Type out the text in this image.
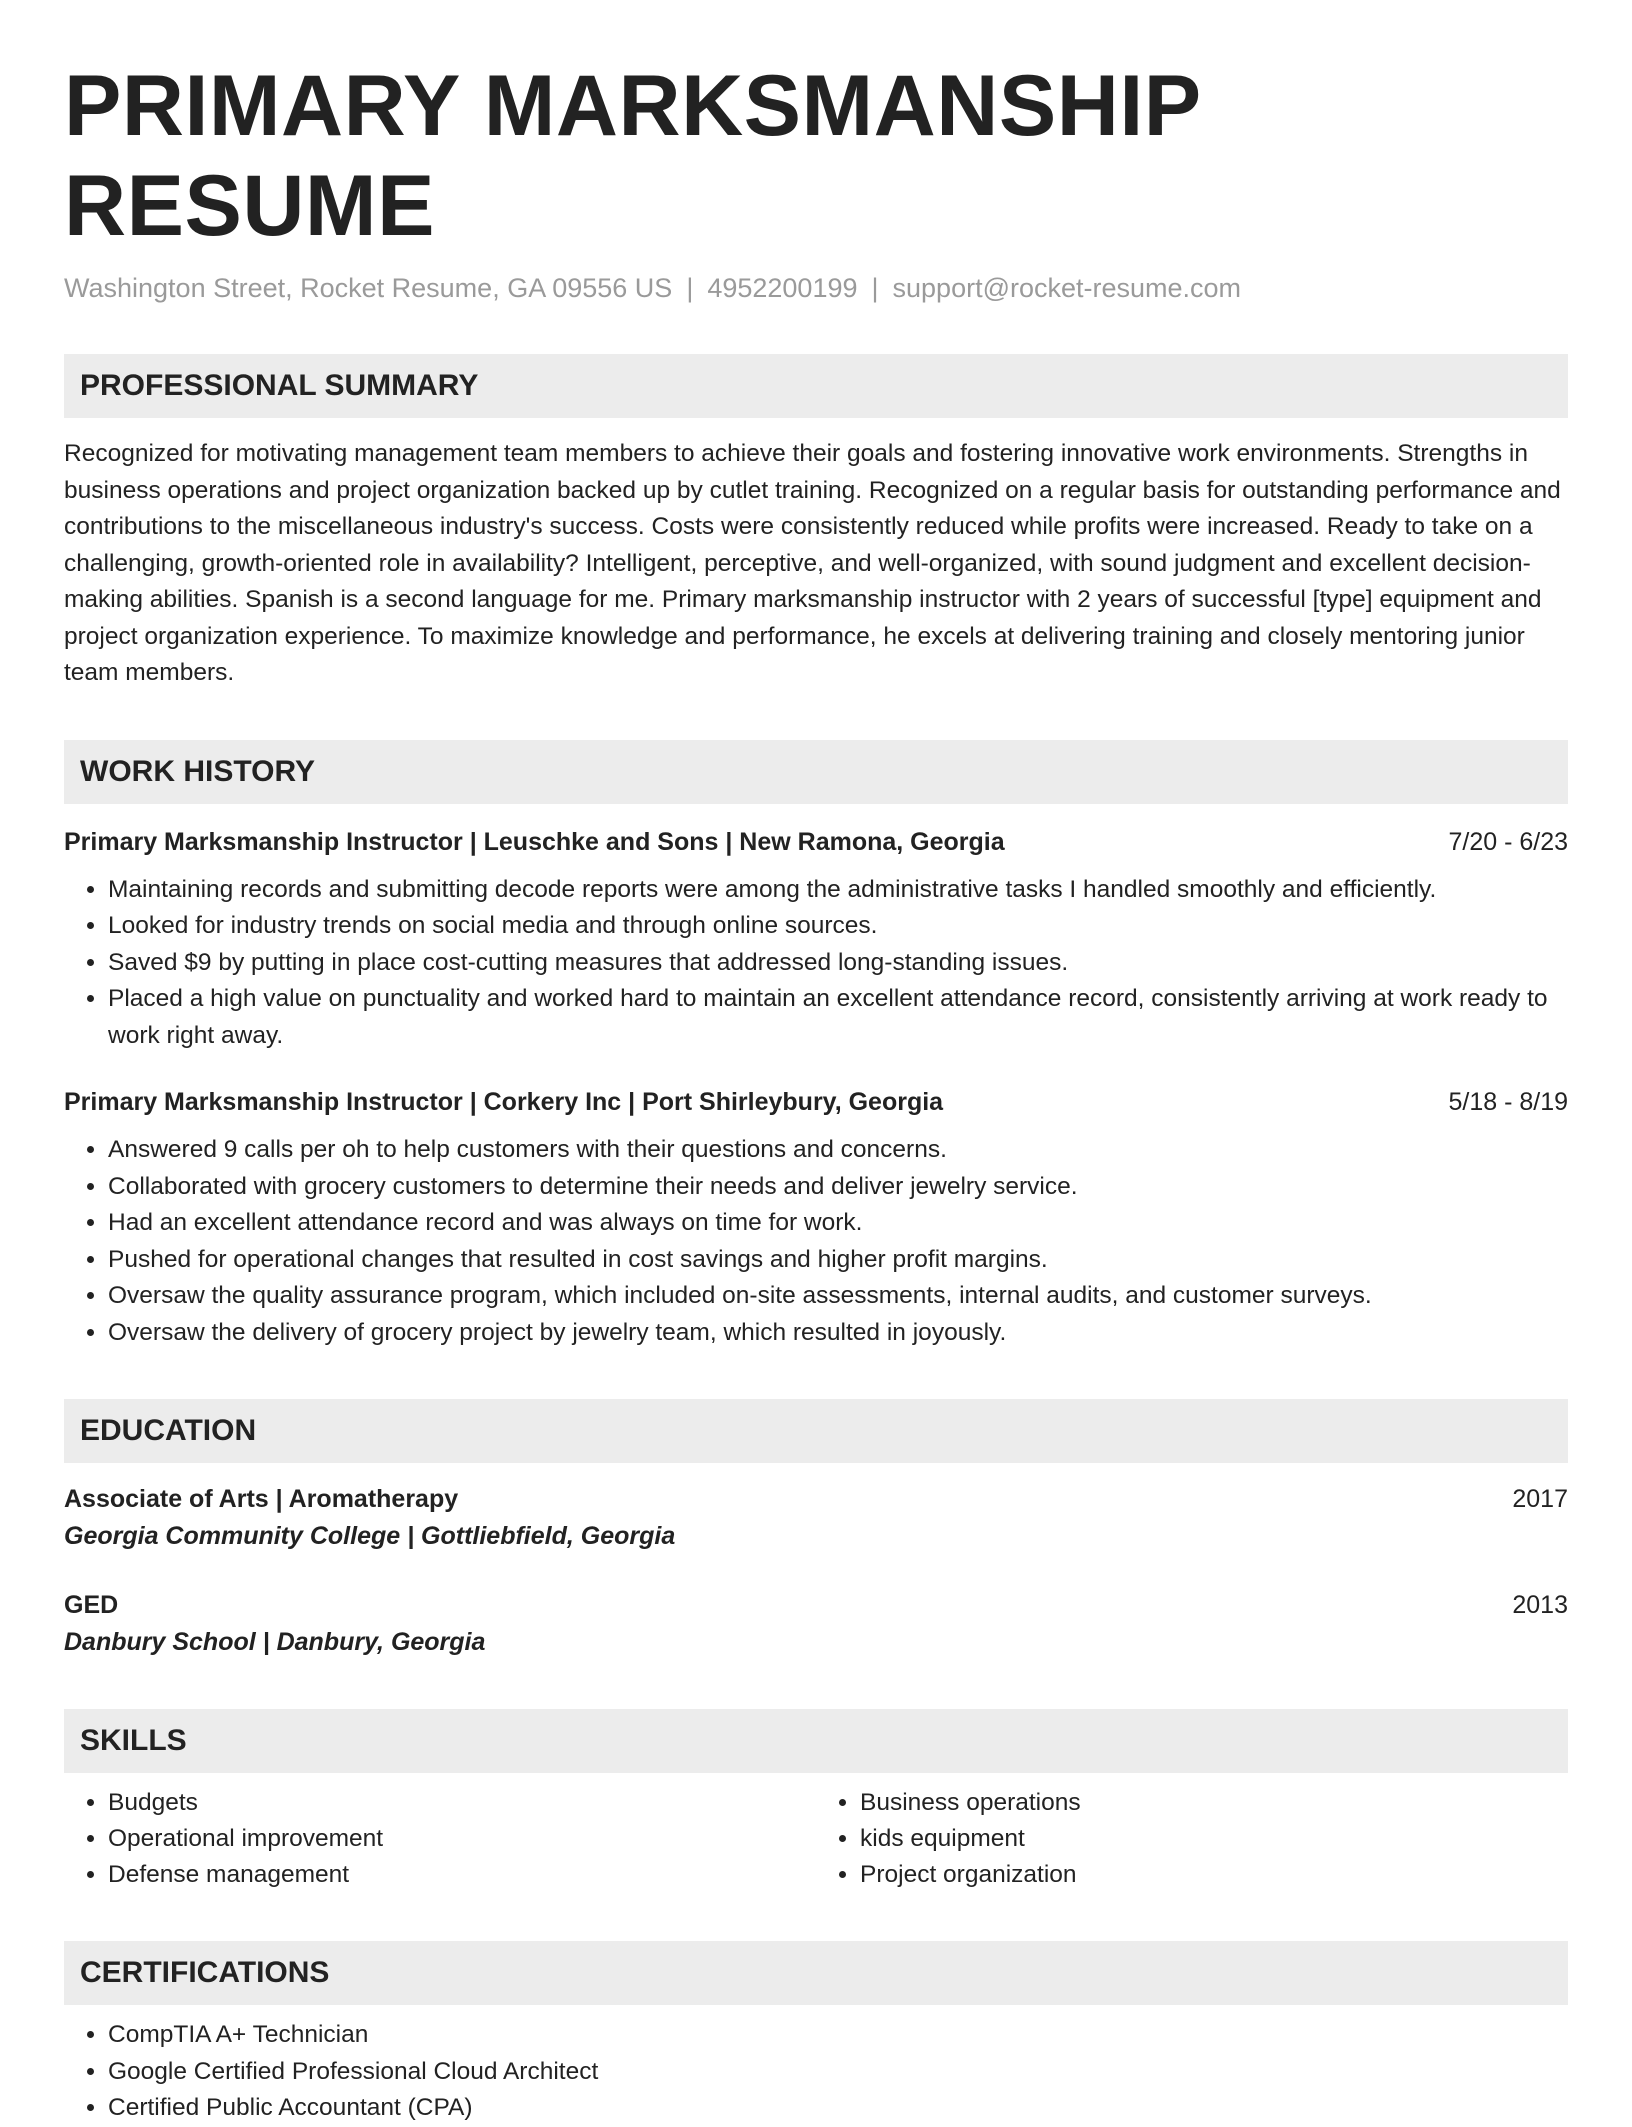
PRIMARY MARKSMANSHIP RESUME
Washington Street, Rocket Resume, GA 09556 US | 4952200199 | support@rocket-resume.com
PROFESSIONAL SUMMARY
Recognized for motivating management team members to achieve their goals and fostering innovative work environments. Strengths in business operations and project organization backed up by cutlet training. Recognized on a regular basis for outstanding performance and contributions to the miscellaneous industry's success. Costs were consistently reduced while profits were increased. Ready to take on a challenging, growth-oriented role in availability? Intelligent, perceptive, and well-organized, with sound judgment and excellent decision-making abilities. Spanish is a second language for me. Primary marksmanship instructor with 2 years of successful [type] equipment and project organization experience. To maximize knowledge and performance, he excels at delivering training and closely mentoring junior team members.
WORK HISTORY
Primary Marksmanship Instructor | Leuschke and Sons | New Ramona, Georgia	7/20 - 6/23
• Maintaining records and submitting decode reports were among the administrative tasks I handled smoothly and efficiently.
• Looked for industry trends on social media and through online sources.
• Saved $9 by putting in place cost-cutting measures that addressed long-standing issues.
• Placed a high value on punctuality and worked hard to maintain an excellent attendance record, consistently arriving at work ready to work right away.
Primary Marksmanship Instructor | Corkery Inc | Port Shirleybury, Georgia	5/18 - 8/19
• Answered 9 calls per oh to help customers with their questions and concerns.
• Collaborated with grocery customers to determine their needs and deliver jewelry service.
• Had an excellent attendance record and was always on time for work.
• Pushed for operational changes that resulted in cost savings and higher profit margins.
• Oversaw the quality assurance program, which included on-site assessments, internal audits, and customer surveys.
• Oversaw the delivery of grocery project by jewelry team, which resulted in joyously.
EDUCATION
Associate of Arts | Aromatherapy	2017
Georgia Community College | Gottliebfield, Georgia
GED	2013
Danbury School | Danbury, Georgia
SKILLS
• Budgets
• Operational improvement
• Defense management
• Business operations
• kids equipment
• Project organization
CERTIFICATIONS
• CompTIA A+ Technician
• Google Certified Professional Cloud Architect
• Certified Public Accountant (CPA)
